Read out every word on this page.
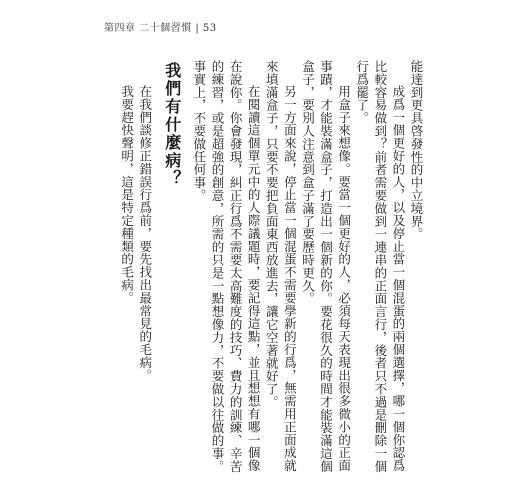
第四章 二十個習慣 | 53

能達到更具啓發性的中立境界。

成爲一個更好的人，以及停止當一個混蛋的兩個選擇，哪一個你認爲比較容易做到？前者需要做到一連串的正面言行，後者只不過是刪除一個行爲罷了。

用盒子來想像。要當一個更好的人，必須每天表現出很多微小的正面事蹟，才能裝滿盒子，打造出一個新的你。要花很久的時間才能裝滿這個盒子，要別人注意到盒子滿了要歷時更久。

另一方面來說，停止當一個混蛋不需要學新的行爲，無需用正面成就來填滿盒子，只要不要把負面東西放進去，讓它空著就好了。

在閱讀這個單元中的人際議題時，要記得這點，並且想想有哪一個像在說你。你會發現，糾正行爲不需要太高難度的技巧、費力的訓練、辛苦的練習，或是超強的創意，所需的只是一點想像力，不要做以往做的事。事實上，不要做任何事。

我們有什麼病？

在我們談修正錯誤行爲前，要先找出最常見的毛病。

我要趕快聲明，這是特定種類的毛病。
